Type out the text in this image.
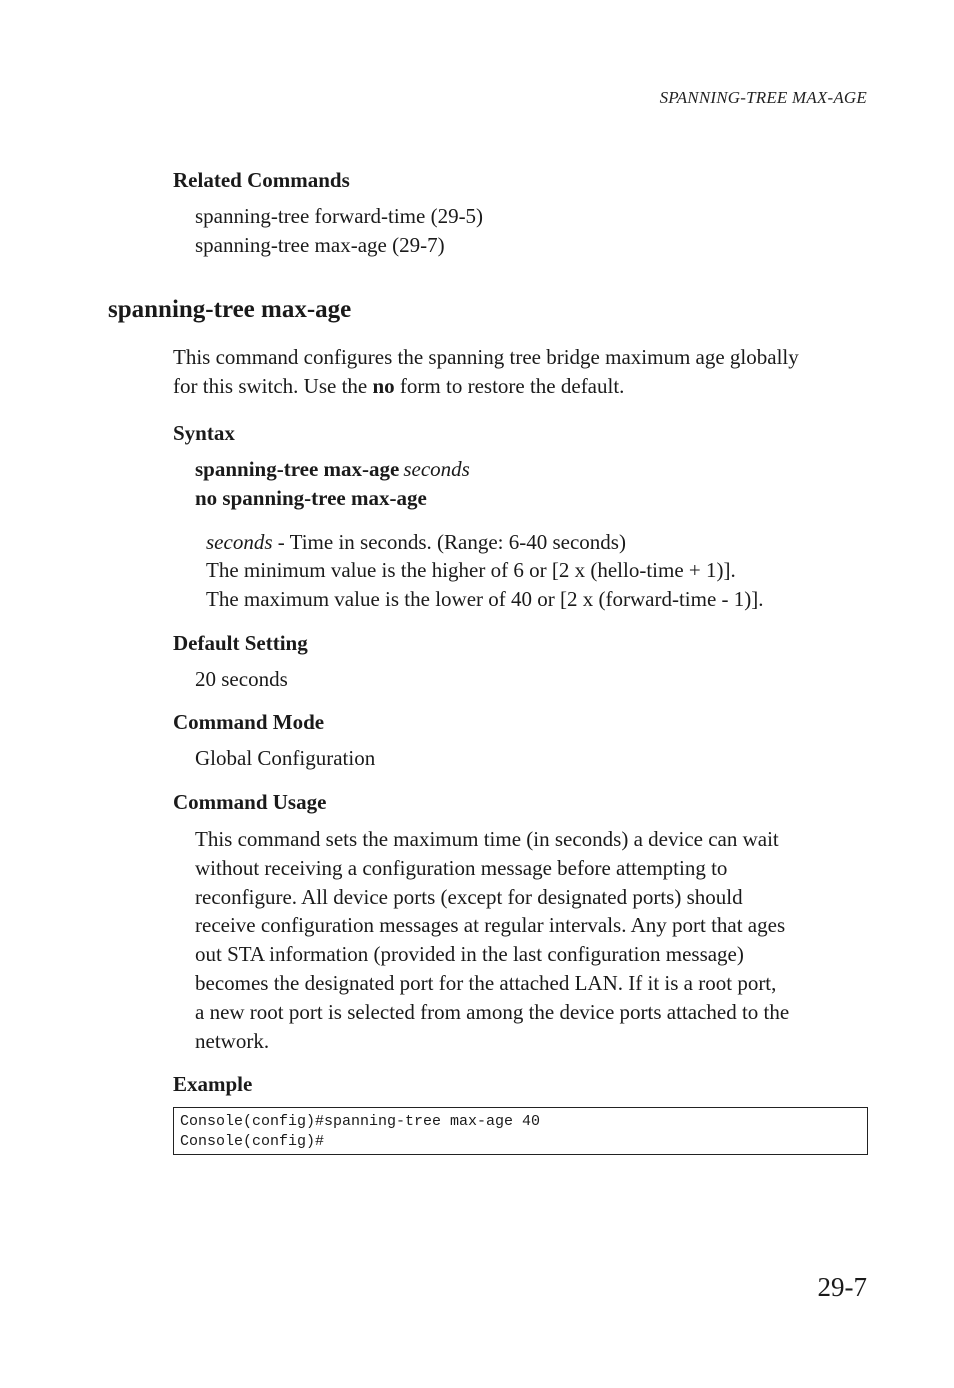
SPANNING-TREE MAX-AGE
Related Commands
spanning-tree forward-time (29-5)
spanning-tree max-age (29-7)
spanning-tree max-age
This command configures the spanning tree bridge maximum age globally
for this switch. Use the no form to restore the default.
Syntax
spanning-tree max-age seconds
no spanning-tree max-age
seconds - Time in seconds. (Range: 6-40 seconds)
The minimum value is the higher of 6 or [2 x (hello-time + 1)].
The maximum value is the lower of 40 or [2 x (forward-time - 1)].
Default Setting
20 seconds
Command Mode
Global Configuration
Command Usage
This command sets the maximum time (in seconds) a device can wait
without receiving a configuration message before attempting to
reconfigure. All device ports (except for designated ports) should
receive configuration messages at regular intervals. Any port that ages
out STA information (provided in the last configuration message)
becomes the designated port for the attached LAN. If it is a root port,
a new root port is selected from among the device ports attached to the
network.
Example
Console(config)#spanning-tree max-age 40
Console(config)#
29-7
